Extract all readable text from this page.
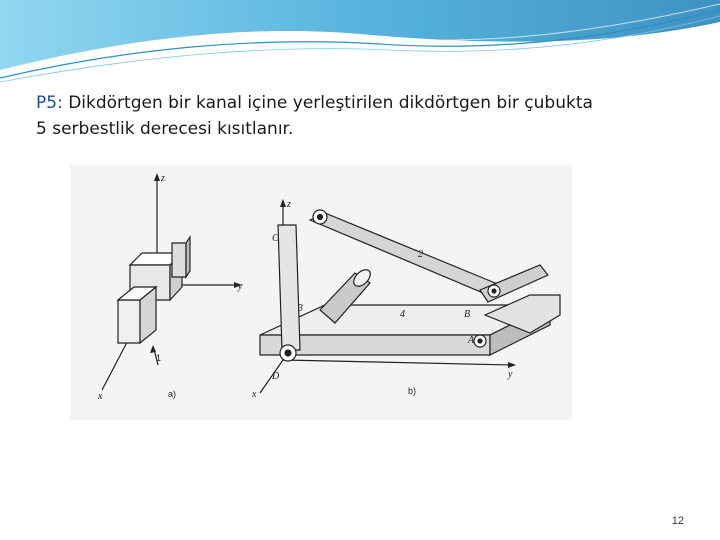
P5: Dikdörtgen bir kanal içine yerleştirilen dikdörtgen bir çubukta
5 serbestlik derecesi kısıtlanır.
z
y
x
1
a)
z
y
x
C
B
A
D
2
3
4
b)
12
